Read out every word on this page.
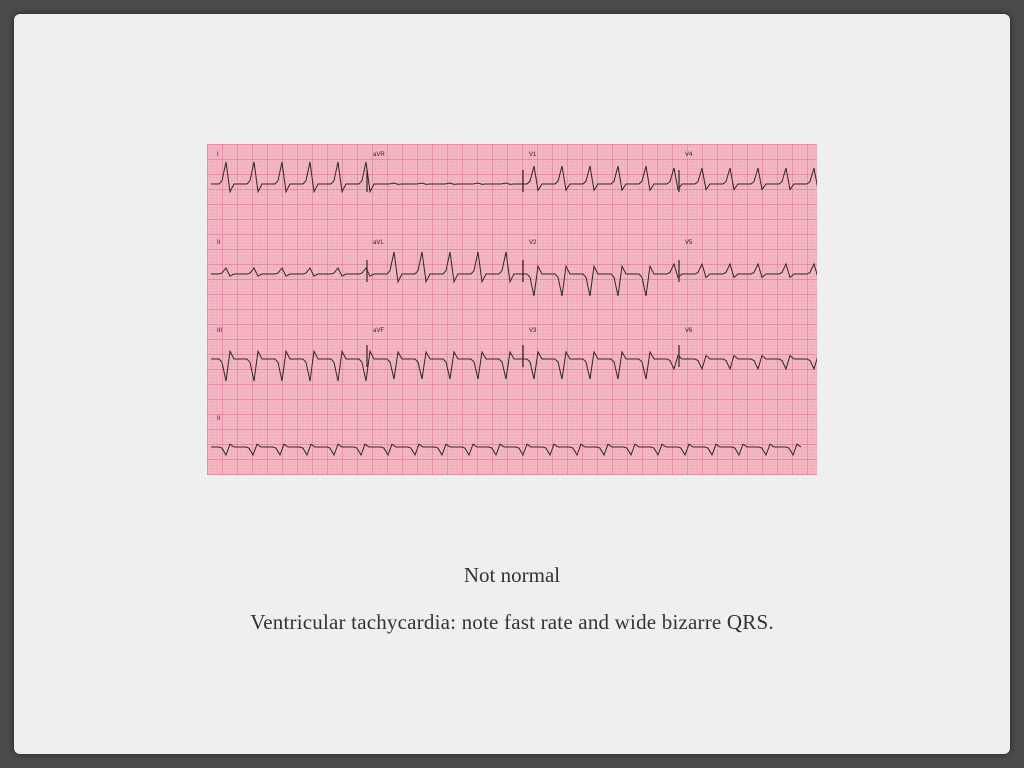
I	aVR	V1	V4
II	aVL	V2	V5
III	aVF	V3	V6
II
Not normal
Ventricular tachycardia: note fast rate and wide bizarre QRS.
